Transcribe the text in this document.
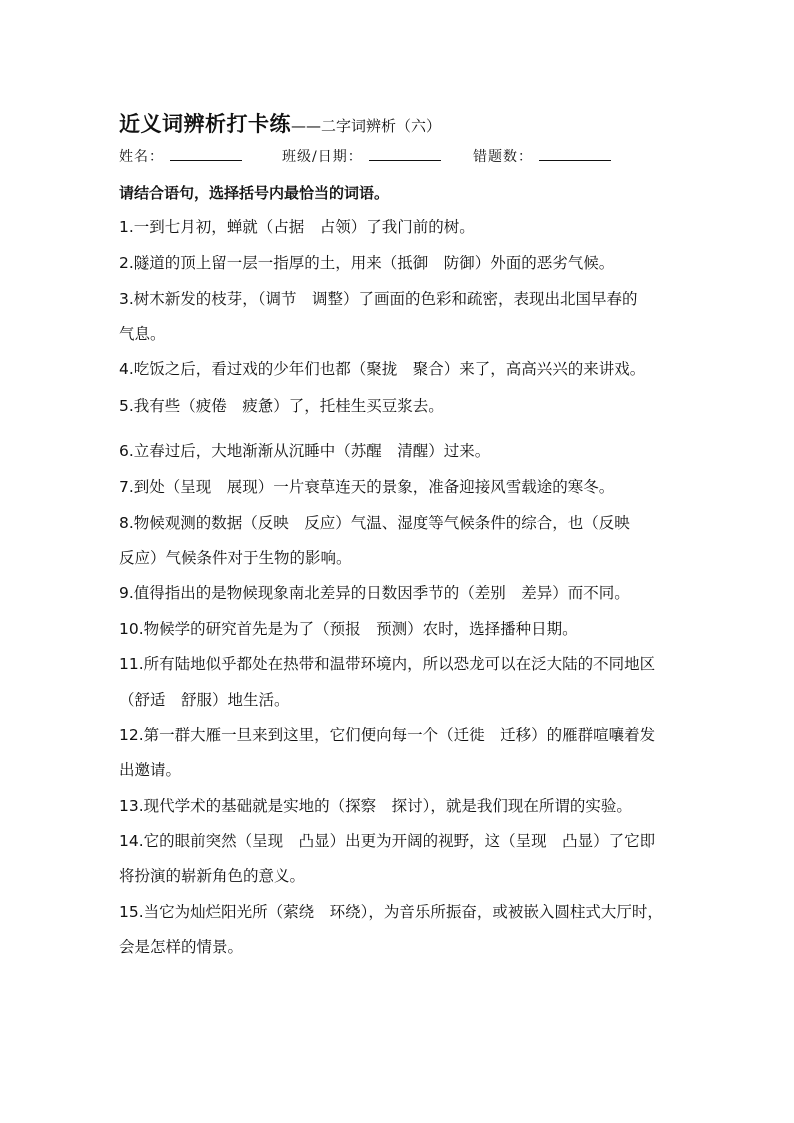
近义词辨析打卡练——二字词辨析（六）
姓名：	班级/日期：	错题数：
请结合语句，选择括号内最恰当的词语。
1.一到七月初，蝉就（占据　占领）了我门前的树。
2.隧道的顶上留一层一指厚的土，用来（抵御　防御）外面的恶劣气候。
3.树木新发的枝芽，（调节　调整）了画面的色彩和疏密，表现出北国早春的
气息。
4.吃饭之后，看过戏的少年们也都（聚拢　聚合）来了，高高兴兴的来讲戏。
5.我有些（疲倦　疲惫）了，托桂生买豆浆去。
6.立春过后，大地渐渐从沉睡中（苏醒　清醒）过来。
7.到处（呈现　展现）一片衰草连天的景象，准备迎接风雪载途的寒冬。
8.物候观测的数据（反映　反应）气温、湿度等气候条件的综合，也（反映
反应）气候条件对于生物的影响。
9.值得指出的是物候现象南北差异的日数因季节的（差别　差异）而不同。
10.物候学的研究首先是为了（预报　预测）农时，选择播种日期。
11.所有陆地似乎都处在热带和温带环境内，所以恐龙可以在泛大陆的不同地区
（舒适　舒服）地生活。
12.第一群大雁一旦来到这里，它们便向每一个（迁徙　迁移）的雁群喧嚷着发
出邀请。
13.现代学术的基础就是实地的（探察　探讨），就是我们现在所谓的实验。
14.它的眼前突然（呈现　凸显）出更为开阔的视野，这（呈现　凸显）了它即
将扮演的崭新角色的意义。
15.当它为灿烂阳光所（萦绕　环绕），为音乐所振奋，或被嵌入圆柱式大厅时，
会是怎样的情景。
